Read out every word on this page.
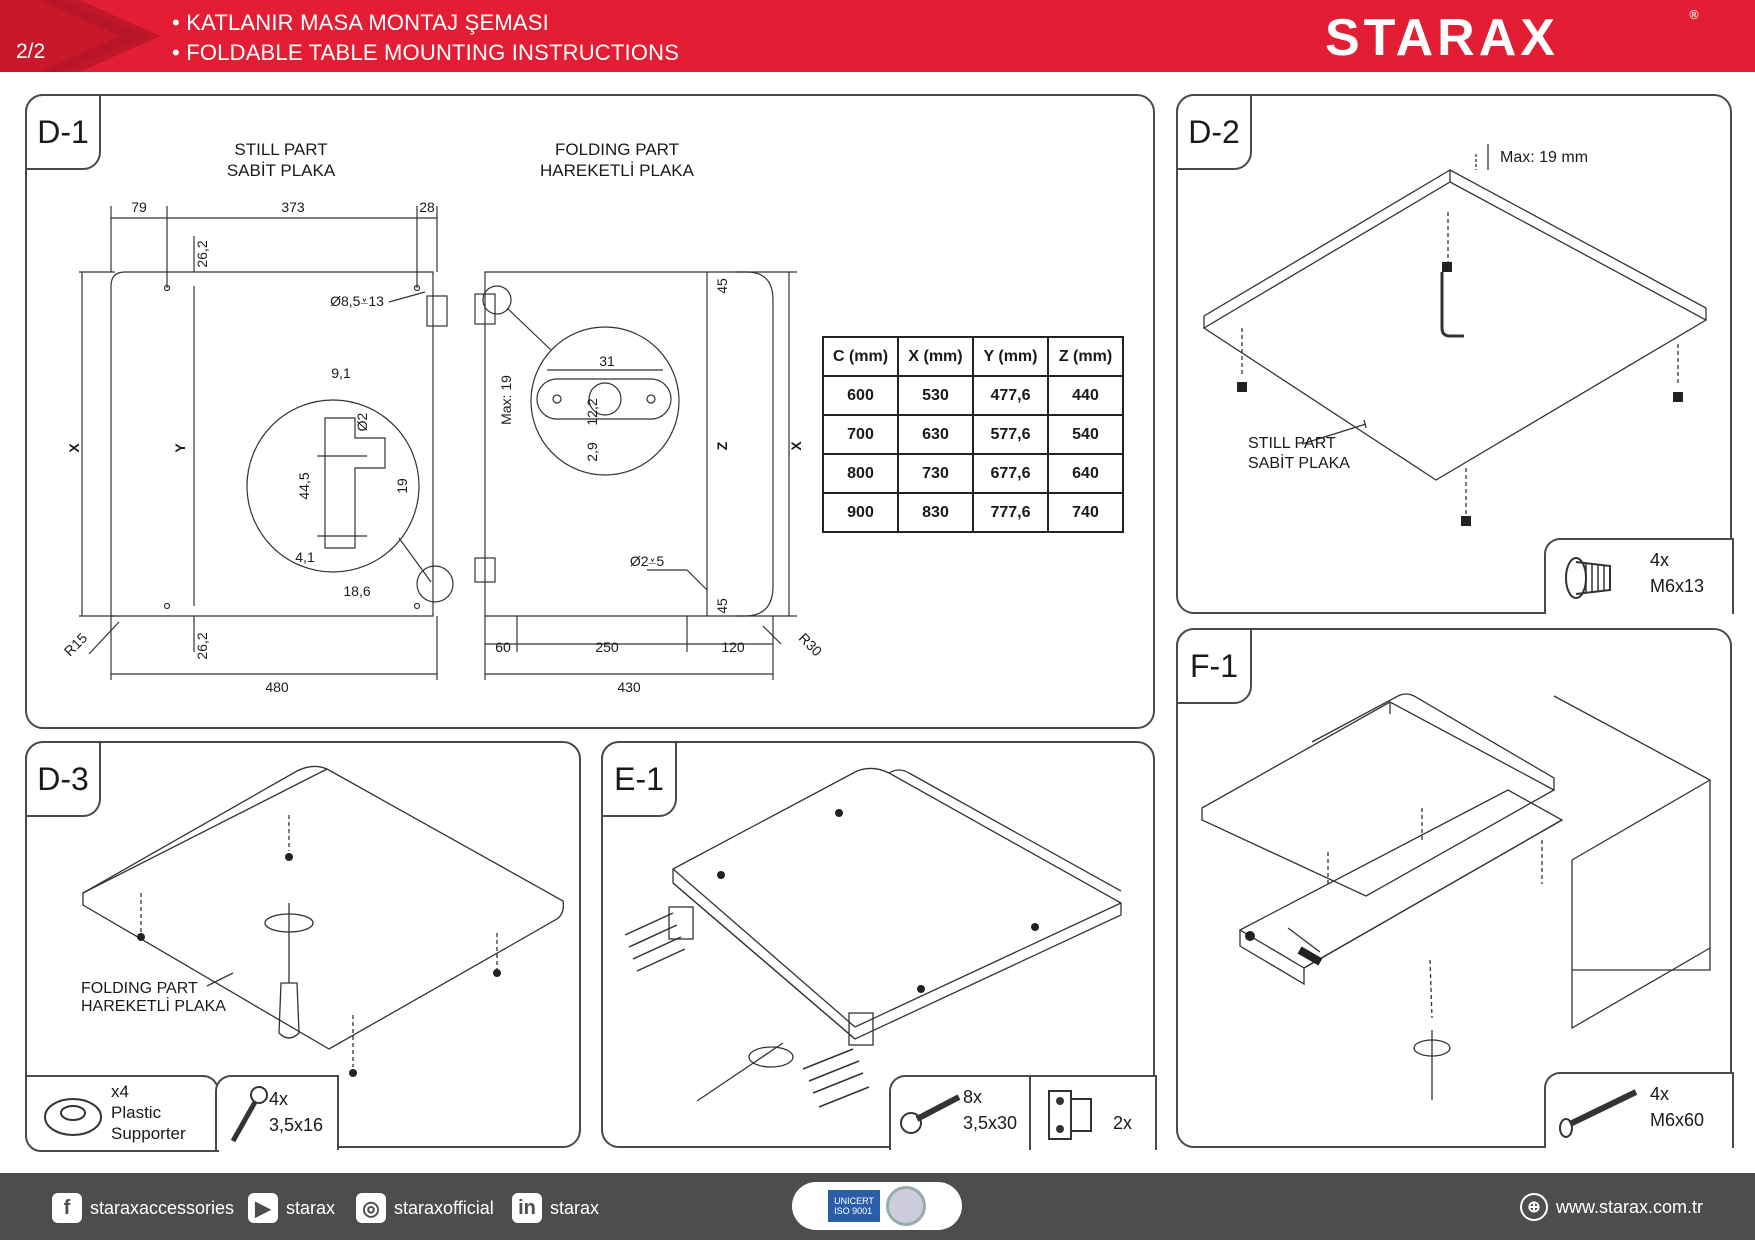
2/2
• KATLANIR MASA MONTAJ ŞEMASI
• FOLDABLE TABLE MOUNTING INSTRUCTIONS	STARAX	®
D-1	STILL PART
SABİT PLAKA
FOLDING PART
HAREKETLİ PLAKA
79	373	28
26,2
26,2
Ø8,5⩡13
X	Y
R15
480
9,1
Ø2
44,5	19
4,1
18,6
31
Max: 19	12,2
2,9
45
45
Z	X
Ø2⩡5
60	250	120	R30
430
C (mm)	X (mm)	Y (mm)	Z (mm)
600	530	477,6	440
700	630	577,6	540
800	730	677,6	640
900	830	777,6	740
D-2
Max: 19 mm
STILL PART
SABİT PLAKA
4x
M6x13
D-3
FOLDING PART
HAREKETLİ PLAKA
x4
Plastic
Supporter
4x
3,5x16
E-1
8x
3,5x30	2x
F-1
4x
M6x60
f	staraxaccessories	▶ starax	◎ staraxofficial	in starax	UNICERT
ISO 9001	⊕ www.starax.com.tr
